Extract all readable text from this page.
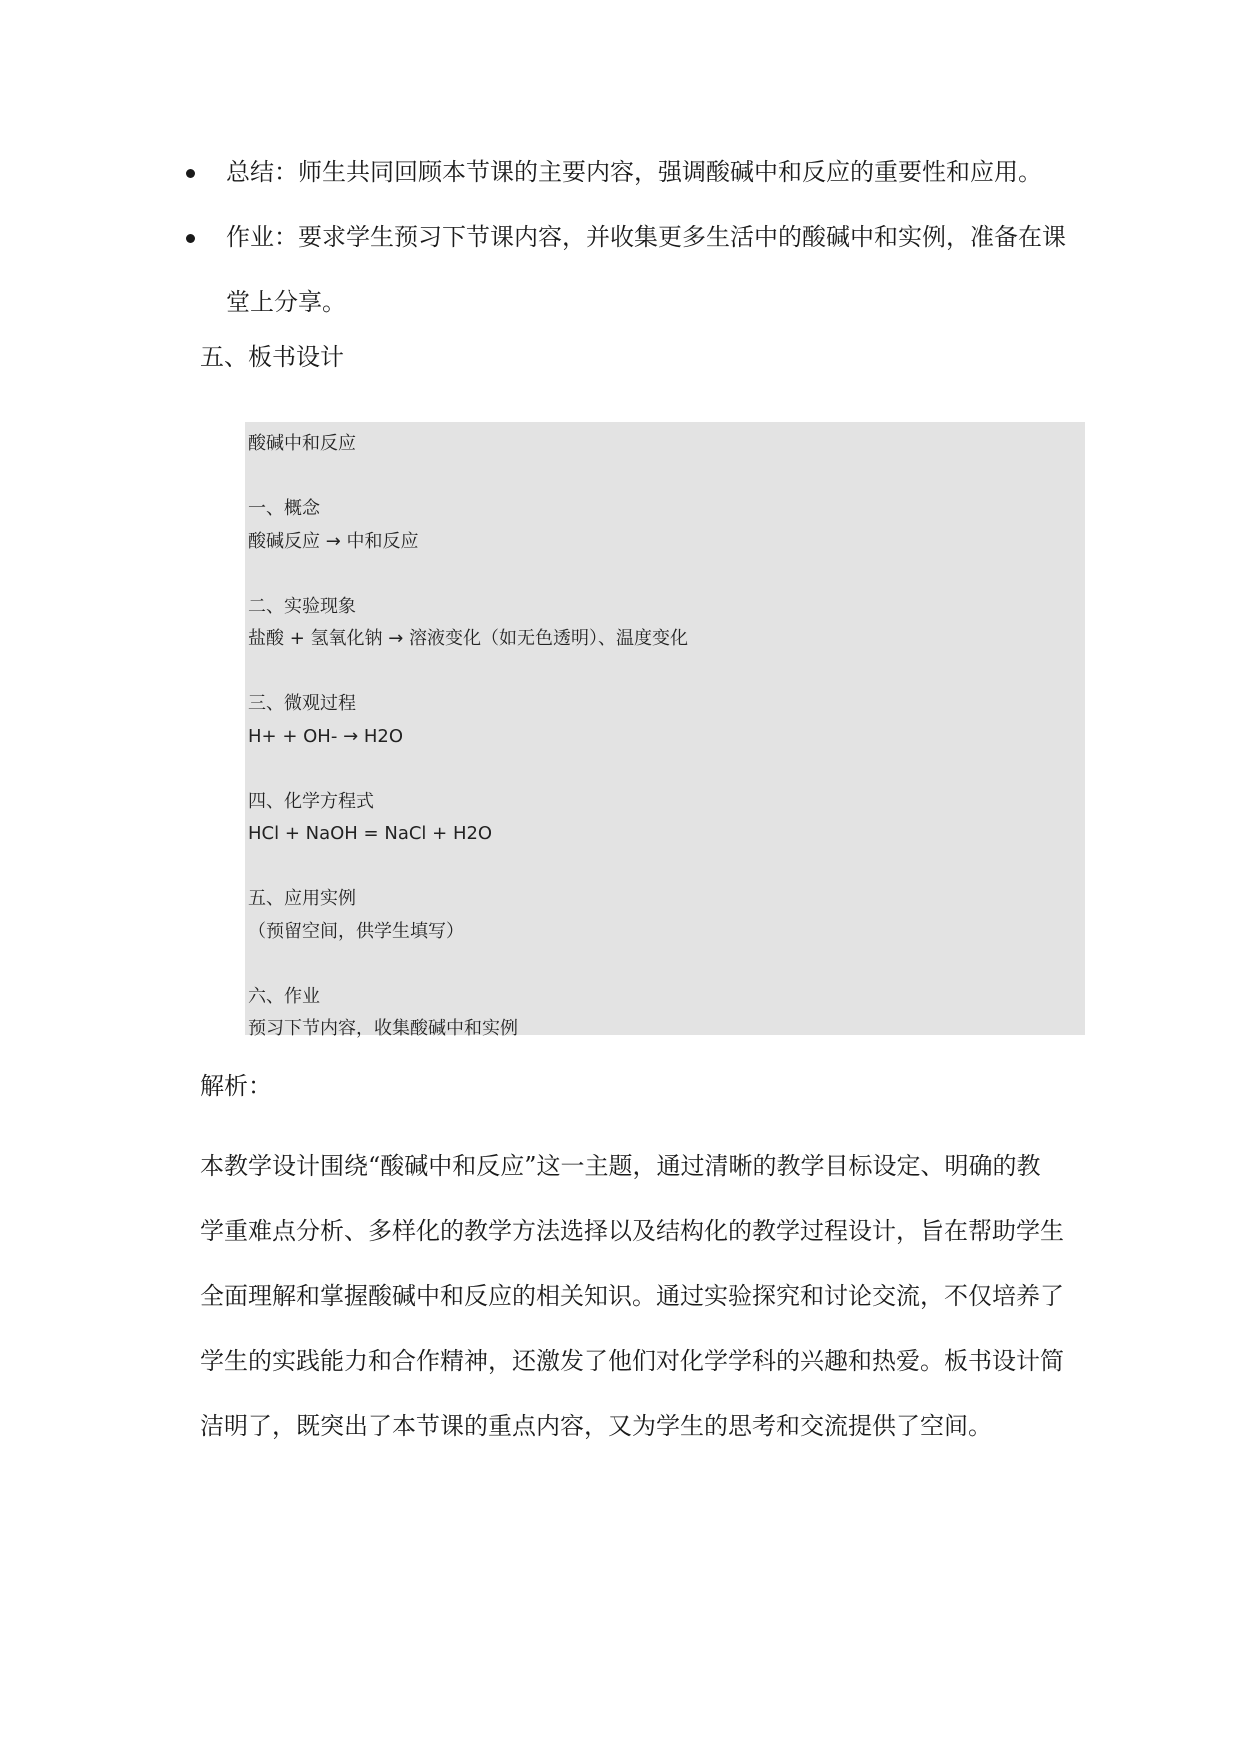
总结：师生共同回顾本节课的主要内容，强调酸碱中和反应的重要性和应用。
作业：要求学生预习下节课内容，并收集更多生活中的酸碱中和实例，准备在课
堂上分享。
五、板书设计

酸碱中和反应

一、概念

酸碱反应 → 中和反应

二、实验现象

盐酸 + 氢氧化钠 → 溶液变化（如无色透明）、温度变化

三、微观过程

H+ + OH- → H2O

四、化学方程式

HCl + NaOH = NaCl + H2O

五、应用实例

（预留空间，供学生填写）

六、作业

预习下节内容，收集酸碱中和实例

解析：

本教学设计围绕“酸碱中和反应”这一主题，通过清晰的教学目标设定、明确的教

学重难点分析、多样化的教学方法选择以及结构化的教学过程设计，旨在帮助学生

全面理解和掌握酸碱中和反应的相关知识。通过实验探究和讨论交流，不仅培养了

学生的实践能力和合作精神，还激发了他们对化学学科的兴趣和热爱。板书设计简

洁明了，既突出了本节课的重点内容，又为学生的思考和交流提供了空间。
